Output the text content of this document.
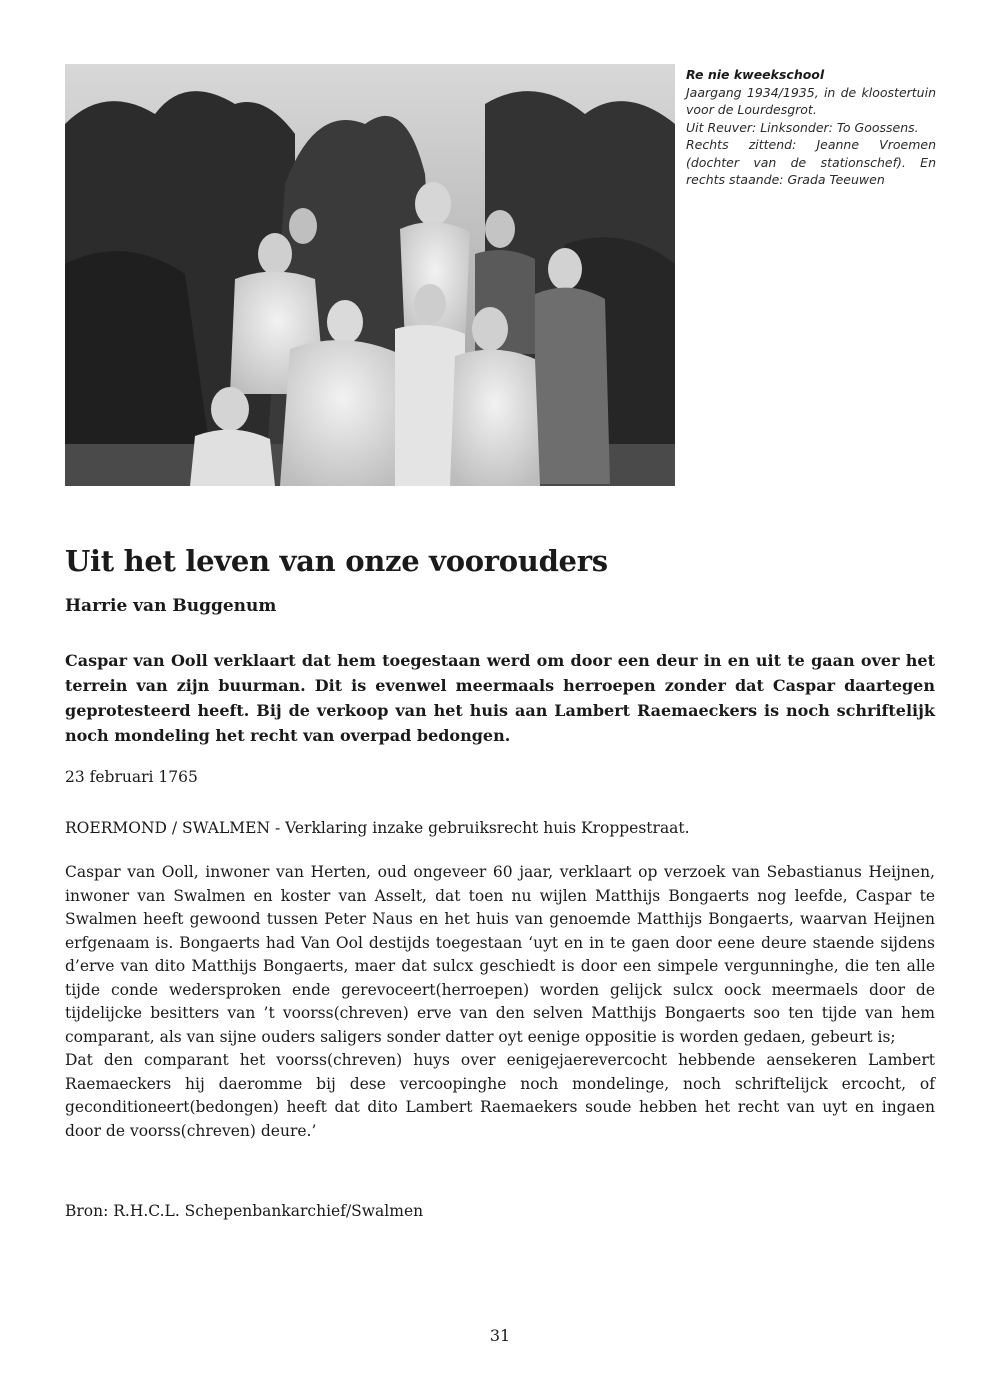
Re nie kweekschool
Jaargang 1934/1935, in de kloostertuin voor de Lourdesgrot.
Uit Reuver: Linksonder: To Goossens.
Rechts zittend: Jeanne Vroemen (dochter van de stationschef). En rechts staande: Grada Teeuwen
Uit het leven van onze voorouders
Harrie van Buggenum

Caspar van Ooll verklaart dat hem toegestaan werd om door een deur in en uit te gaan over het terrein van zijn buurman. Dit is evenwel meermaals herroepen zonder dat Caspar daartegen geprotesteerd heeft. Bij de verkoop van het huis aan Lambert Raemaeckers is noch schriftelijk noch mondeling het recht van overpad bedongen.

23 februari 1765

ROERMOND / SWALMEN - Verklaring inzake gebruiksrecht huis Kroppestraat.

Caspar van Ooll, inwoner van Herten, oud ongeveer 60 jaar, verklaart op verzoek van Sebastianus Heijnen, inwoner van Swalmen en koster van Asselt, dat toen nu wijlen Matthijs Bongaerts nog leefde, Caspar te Swalmen heeft gewoond tussen Peter Naus en het huis van genoemde Matthijs Bongaerts, waarvan Heijnen erfgenaam is. Bongaerts had Van Ool destijds toegestaan ‘uyt en in te gaen door eene deure staende sijdens d’erve van dito Matthijs Bongaerts, maer dat sulcx geschiedt is door een simpele vergunninghe, die ten alle tijde conde wedersproken ende gerevoceert(herroepen) worden gelijck sulcx oock meermaels door de tijdelijcke besitters van ’t voorss(chreven) erve van den selven Matthijs Bongaerts soo ten tijde van hem comparant, als van sijne ouders saligers sonder datter oyt eenige oppositie is worden gedaen, gebeurt is;

Dat den comparant het voorss(chreven) huys over eenigejaerevercocht hebbende aensekeren Lambert Raemaeckers hij daeromme bij dese vercoopinghe noch mondelinge, noch schriftelijck ercocht, of geconditioneert(bedongen) heeft dat dito Lambert Raemaekers soude hebben het recht van uyt en ingaen door de voorss(chreven) deure.’

Bron: R.H.C.L. Schepenbankarchief/Swalmen

31
